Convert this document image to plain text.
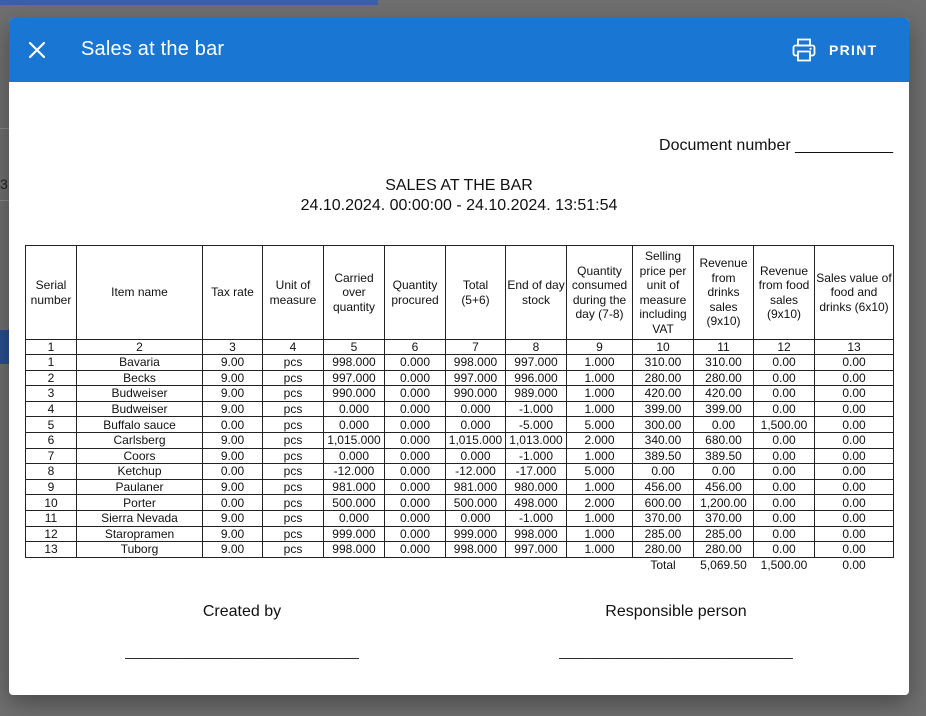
3
Sales at the bar	PRINT
Document number ___________
SALES AT THE BAR
24.10.2024. 00:00:00 - 24.10.2024. 13:51:54
Serial number	Item name	Tax rate	Unit of measure	Carried over quantity	Quantity procured	Total (5+6)	End of day stock	Quantity consumed during the day (7-8)	Selling price per unit of measure including VAT	Revenue from drinks sales (9x10)	Revenue from food sales (9x10)	Sales value of food and drinks (6x10)
1	2	3	4	5	6	7	8	9	10	11	12	13
1	Bavaria	9.00	pcs	998.000	0.000	998.000	997.000	1.000	310.00	310.00	0.00	0.00
2	Becks	9.00	pcs	997.000	0.000	997.000	996.000	1.000	280.00	280.00	0.00	0.00
3	Budweiser	9.00	pcs	990.000	0.000	990.000	989.000	1.000	420.00	420.00	0.00	0.00
4	Budweiser	9.00	pcs	0.000	0.000	0.000	-1.000	1.000	399.00	399.00	0.00	0.00
5	Buffalo sauce	0.00	pcs	0.000	0.000	0.000	-5.000	5.000	300.00	0.00	1,500.00	0.00
6	Carlsberg	9.00	pcs	1,015.000	0.000	1,015.000	1,013.000	2.000	340.00	680.00	0.00	0.00
7	Coors	9.00	pcs	0.000	0.000	0.000	-1.000	1.000	389.50	389.50	0.00	0.00
8	Ketchup	0.00	pcs	-12.000	0.000	-12.000	-17.000	5.000	0.00	0.00	0.00	0.00
9	Paulaner	9.00	pcs	981.000	0.000	981.000	980.000	1.000	456.00	456.00	0.00	0.00
10	Porter	0.00	pcs	500.000	0.000	500.000	498.000	2.000	600.00	1,200.00	0.00	0.00
11	Sierra Nevada	9.00	pcs	0.000	0.000	0.000	-1.000	1.000	370.00	370.00	0.00	0.00
12	Staropramen	9.00	pcs	999.000	0.000	999.000	998.000	1.000	285.00	285.00	0.00	0.00
13	Tuborg	9.00	pcs	998.000	0.000	998.000	997.000	1.000	280.00	280.00	0.00	0.00
									Total	5,069.50	1,500.00	0.00
Created by
______________________________
Responsible person
______________________________
